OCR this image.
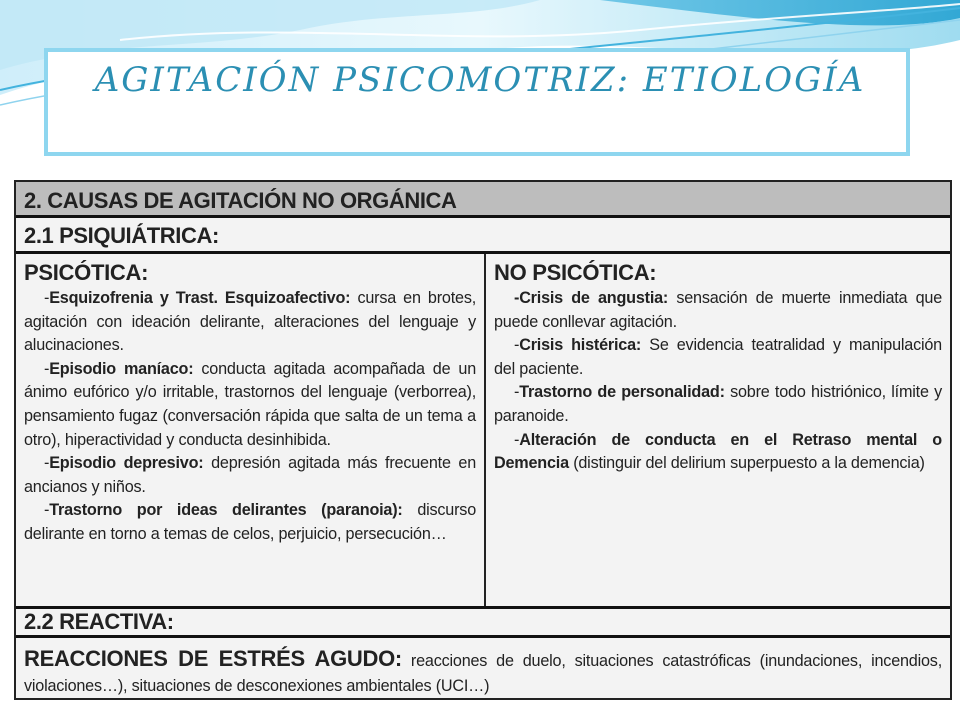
AGITACIÓN PSICOMOTRIZ: ETIOLOGÍA
2. CAUSAS DE AGITACIÓN NO ORGÁNICA
2.1 PSIQUIÁTRICA:
PSICÓTICA:

-Esquizofrenia y Trast. Esquizoafectivo: cursa en brotes, agitación con ideación delirante, alteraciones del lenguaje y alucinaciones.

-Episodio maníaco: conducta agitada acompañada de un ánimo eufórico y/o irritable, trastornos del lenguaje (verborrea), pensamiento fugaz (conversación rápida que salta de un tema a otro), hiperactividad y conducta desinhibida.

-Episodio depresivo: depresión agitada más frecuente en ancianos y niños.

-Trastorno por ideas delirantes (paranoia): discurso delirante en torno a temas de celos, perjuicio, persecución…

NO PSICÓTICA:

-Crisis de angustia: sensación de muerte inmediata que puede conllevar agitación.

-Crisis histérica: Se evidencia teatralidad y manipulación del paciente.

-Trastorno de personalidad: sobre todo histriónico, límite y paranoide.

-Alteración de conducta en el Retraso mental o Demencia (distinguir del delirium superpuesto a la demencia)

2.2 REACTIVA:

REACCIONES DE ESTRÉS AGUDO: reacciones de duelo, situaciones catastróficas (inundaciones, incendios, violaciones…), situaciones de desconexiones ambientales (UCI…)
